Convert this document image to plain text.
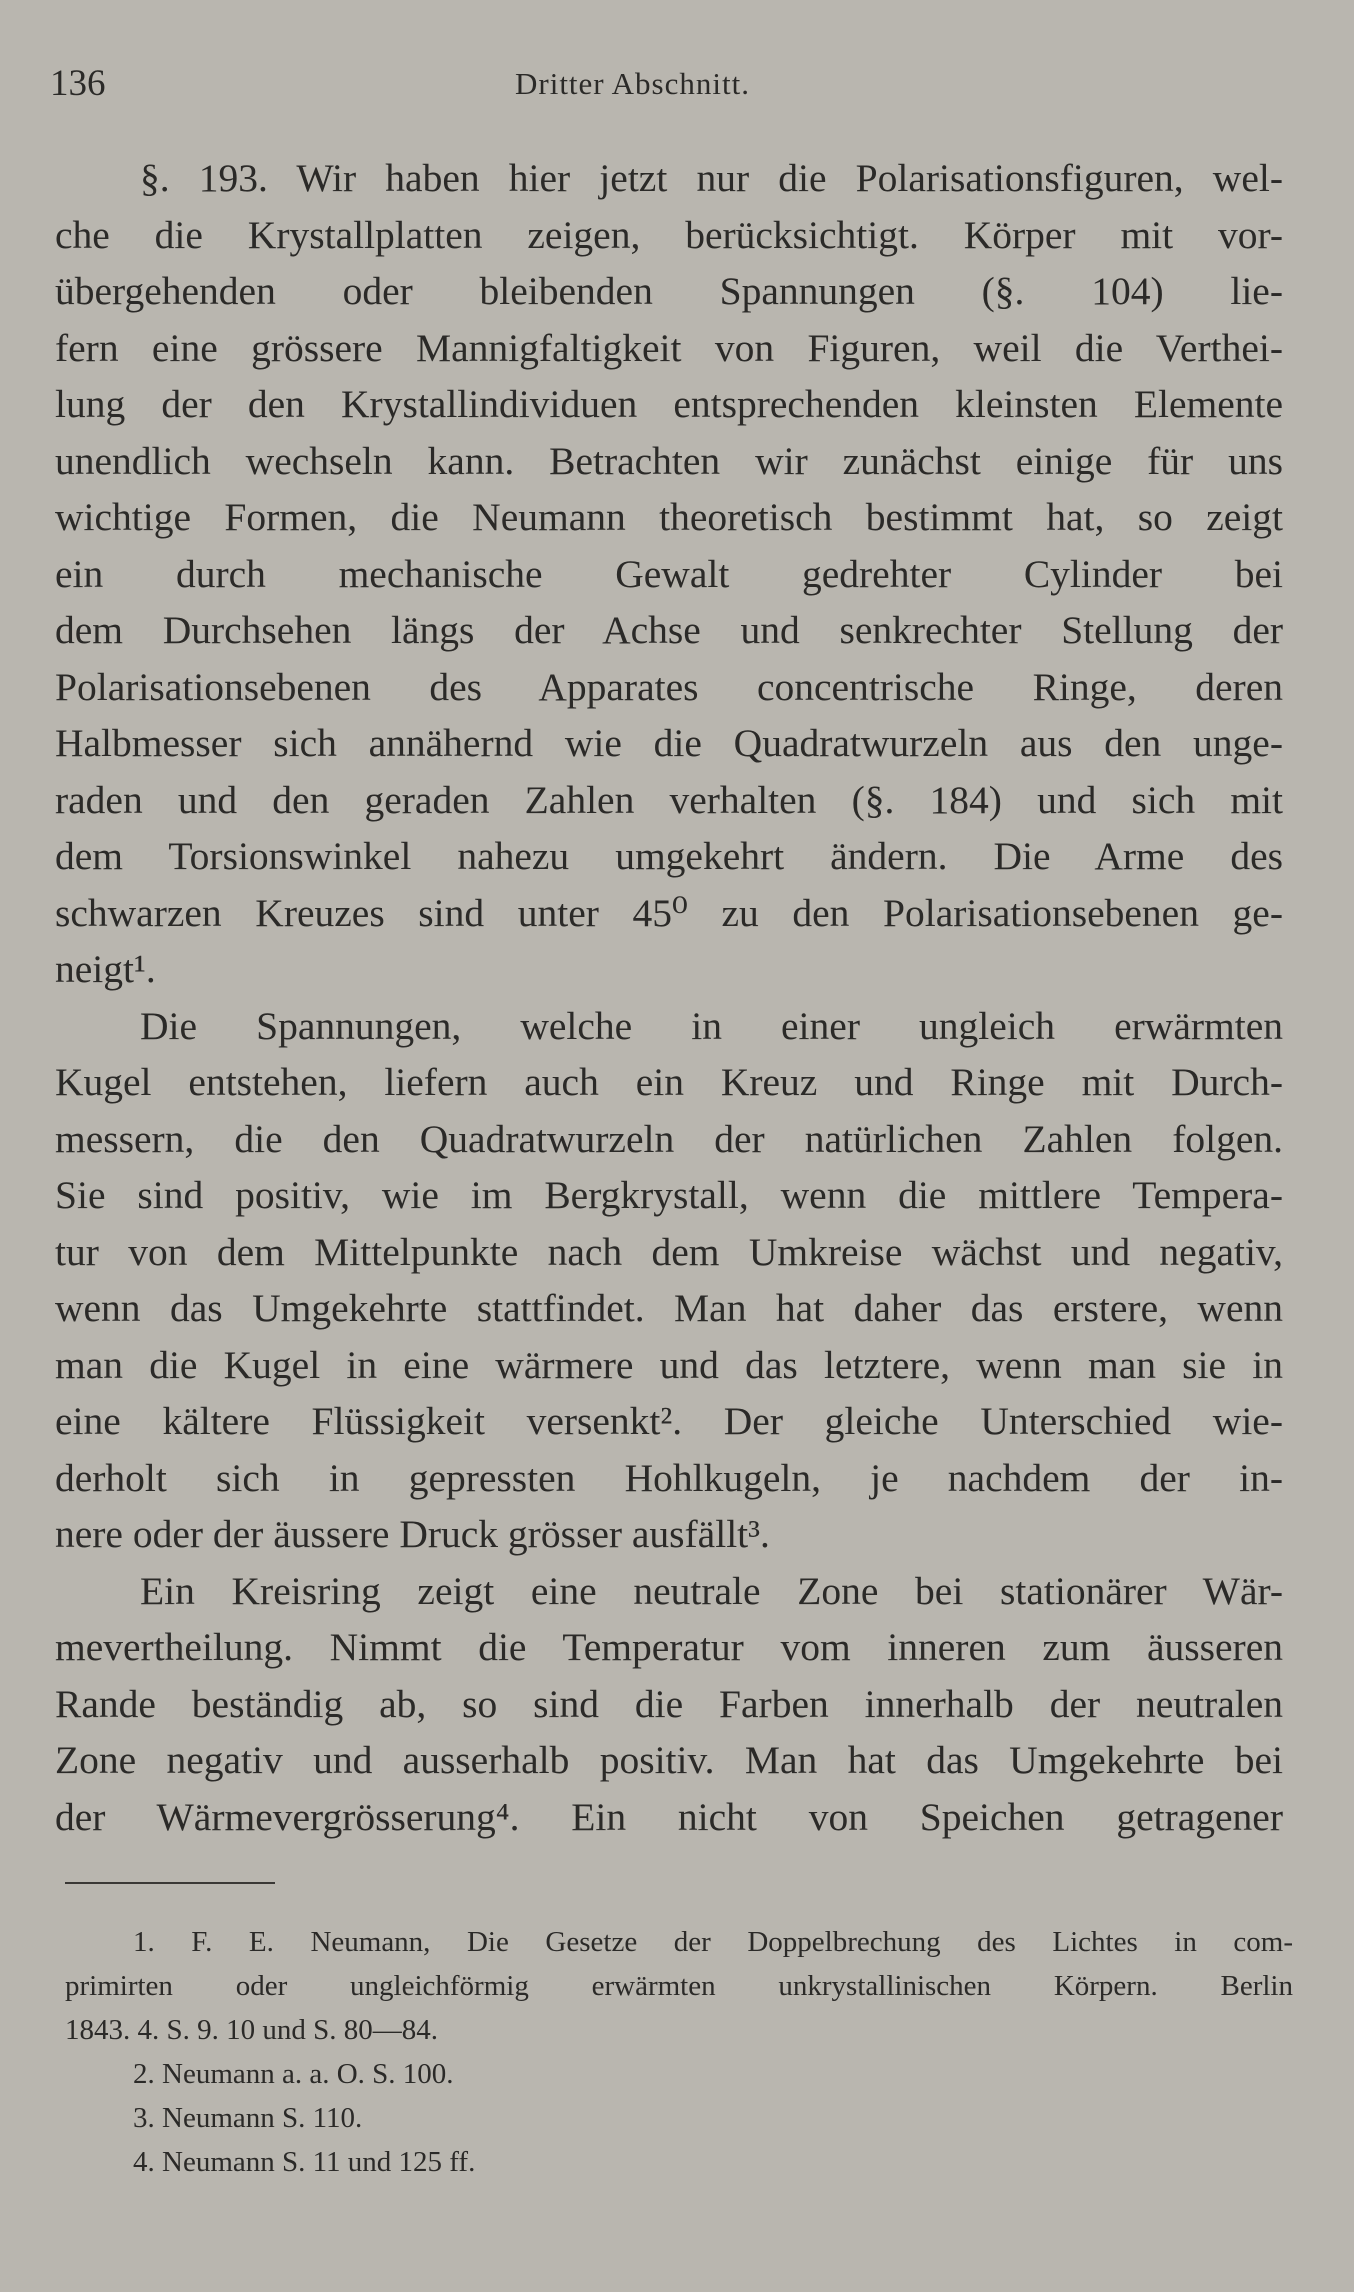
136	Dritter Abschnitt.
§. 193. Wir haben hier jetzt nur die Polarisationsfiguren, wel-
che die Krystallplatten zeigen, berücksichtigt. Körper mit vor-
übergehenden oder bleibenden Spannungen (§. 104) lie-
fern eine grössere Mannigfaltigkeit von Figuren, weil die Verthei-
lung der den Krystallindividuen entsprechenden kleinsten Elemente
unendlich wechseln kann. Betrachten wir zunächst einige für uns
wichtige Formen, die Neumann theoretisch bestimmt hat, so zeigt
ein durch mechanische Gewalt gedrehter Cylinder bei
dem Durchsehen längs der Achse und senkrechter Stellung der
Polarisationsebenen des Apparates concentrische Ringe, deren
Halbmesser sich annähernd wie die Quadratwurzeln aus den unge-
raden und den geraden Zahlen verhalten (§. 184) und sich mit
dem Torsionswinkel nahezu umgekehrt ändern. Die Arme des
schwarzen Kreuzes sind unter 45⁰ zu den Polarisationsebenen ge-
neigt¹.
Die Spannungen, welche in einer ungleich erwärmten
Kugel entstehen, liefern auch ein Kreuz und Ringe mit Durch-
messern, die den Quadratwurzeln der natürlichen Zahlen folgen.
Sie sind positiv, wie im Bergkrystall, wenn die mittlere Tempera-
tur von dem Mittelpunkte nach dem Umkreise wächst und negativ,
wenn das Umgekehrte stattfindet. Man hat daher das erstere, wenn
man die Kugel in eine wärmere und das letztere, wenn man sie in
eine kältere Flüssigkeit versenkt². Der gleiche Unterschied wie-
derholt sich in gepressten Hohlkugeln, je nachdem der in-
nere oder der äussere Druck grösser ausfällt³.
Ein Kreisring zeigt eine neutrale Zone bei stationärer Wär-
mevertheilung. Nimmt die Temperatur vom inneren zum äusseren
Rande beständig ab, so sind die Farben innerhalb der neutralen
Zone negativ und ausserhalb positiv. Man hat das Umgekehrte bei
der Wärmevergrösserung⁴. Ein nicht von Speichen getragener
1. F. E. Neumann, Die Gesetze der Doppelbrechung des Lichtes in com-
primirten oder ungleichförmig erwärmten unkrystallinischen Körpern. Berlin
1843. 4. S. 9. 10 und S. 80—84.
2. Neumann a. a. O. S. 100.
3. Neumann S. 110.
4. Neumann S. 11 und 125 ff.
